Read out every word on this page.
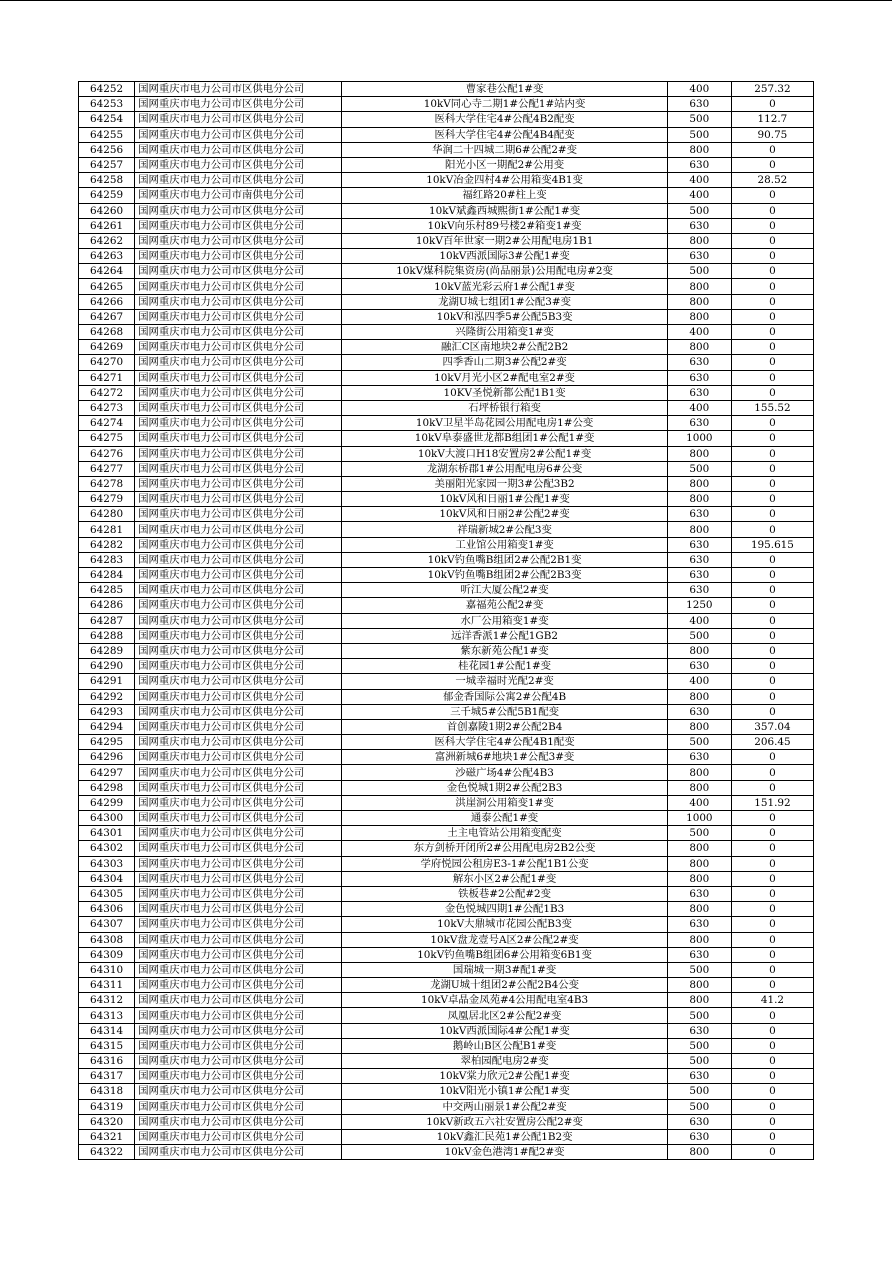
64252	国网重庆市电力公司市区供电分公司	曹家巷公配1#变	400	257.32
64253	国网重庆市电力公司市区供电分公司	10kV同心寺二期1#公配1#站内变	630	0
64254	国网重庆市电力公司市区供电分公司	医科大学住宅4#公配4B2配变	500	112.7
64255	国网重庆市电力公司市区供电分公司	医科大学住宅4#公配4B4配变	500	90.75
64256	国网重庆市电力公司市区供电分公司	华润二十四城二期6#公配2#变	800	0
64257	国网重庆市电力公司市区供电分公司	阳光小区一期配2#公用变	630	0
64258	国网重庆市电力公司市区供电分公司	10kV冶金四村4#公用箱变4B1变	400	28.52
64259	国网重庆市电力公司市南供电分公司	福红路20#柱上变	400	0
64260	国网重庆市电力公司市区供电分公司	10kV斌鑫西城熙街1#公配1#变	500	0
64261	国网重庆市电力公司市区供电分公司	10kV向乐村89号楼2#箱变1#变	630	0
64262	国网重庆市电力公司市区供电分公司	10kV百年世家一期2#公用配电房1B1	800	0
64263	国网重庆市电力公司市区供电分公司	10kV西派国际3#公配1#变	630	0
64264	国网重庆市电力公司市区供电分公司	10kV煤科院集资房(尚品丽景)公用配电房#2变	500	0
64265	国网重庆市电力公司市区供电分公司	10kV蓝光彩云府1#公配1#变	800	0
64266	国网重庆市电力公司市区供电分公司	龙湖U城七组团1#公配3#变	800	0
64267	国网重庆市电力公司市区供电分公司	10kV和泓四季5#公配5B3变	800	0
64268	国网重庆市电力公司市区供电分公司	兴隆街公用箱变1#变	400	0
64269	国网重庆市电力公司市区供电分公司	融汇C区南地块2#公配2B2	800	0
64270	国网重庆市电力公司市区供电分公司	四季香山二期3#公配2#变	630	0
64271	国网重庆市电力公司市区供电分公司	10kV月光小区2#配电室2#变	630	0
64272	国网重庆市电力公司市区供电分公司	10KV圣悦新都公配1B1变	630	0
64273	国网重庆市电力公司市区供电分公司	石坪桥银行箱变	400	155.52
64274	国网重庆市电力公司市区供电分公司	10kV卫星半岛花园公用配电房1#公变	630	0
64275	国网重庆市电力公司市区供电分公司	10kV阜泰盛世龙都B组团1#公配1#变	1000	0
64276	国网重庆市电力公司市区供电分公司	10kV大渡口H18安置房2#公配1#变	800	0
64277	国网重庆市电力公司市区供电分公司	龙湖东桥郡1#公用配电房6#公变	500	0
64278	国网重庆市电力公司市区供电分公司	美丽阳光家园一期3#公配3B2	800	0
64279	国网重庆市电力公司市区供电分公司	10kV风和日丽1#公配1#变	800	0
64280	国网重庆市电力公司市区供电分公司	10kV风和日丽2#公配2#变	630	0
64281	国网重庆市电力公司市区供电分公司	祥瑞新城2#公配3变	800	0
64282	国网重庆市电力公司市区供电分公司	工业馆公用箱变1#变	630	195.615
64283	国网重庆市电力公司市区供电分公司	10kV钓鱼嘴B组团2#公配2B1变	630	0
64284	国网重庆市电力公司市区供电分公司	10kV钓鱼嘴B组团2#公配2B3变	630	0
64285	国网重庆市电力公司市区供电分公司	听江大厦公配2#变	630	0
64286	国网重庆市电力公司市区供电分公司	嘉福苑公配2#变	1250	0
64287	国网重庆市电力公司市区供电分公司	水厂公用箱变1#变	400	0
64288	国网重庆市电力公司市区供电分公司	远洋香派1#公配1GB2	500	0
64289	国网重庆市电力公司市区供电分公司	紫东新苑公配1#变	800	0
64290	国网重庆市电力公司市区供电分公司	桂花园1#公配1#变	630	0
64291	国网重庆市电力公司市区供电分公司	一城幸福时光配2#变	400	0
64292	国网重庆市电力公司市区供电分公司	郁金香国际公寓2#公配4B	800	0
64293	国网重庆市电力公司市区供电分公司	三千城5#公配5B1配变	630	0
64294	国网重庆市电力公司市区供电分公司	首创嘉陵1期2#公配2B4	800	357.04
64295	国网重庆市电力公司市区供电分公司	医科大学住宅4#公配4B1配变	500	206.45
64296	国网重庆市电力公司市区供电分公司	富洲新城6#地块1#公配3#变	630	0
64297	国网重庆市电力公司市区供电分公司	沙磁广场4#公配4B3	800	0
64298	国网重庆市电力公司市区供电分公司	金色悦城1期2#公配2B3	800	0
64299	国网重庆市电力公司市区供电分公司	洪崖洞公用箱变1#变	400	151.92
64300	国网重庆市电力公司市区供电分公司	通泰公配1#变	1000	0
64301	国网重庆市电力公司市区供电分公司	土主电管站公用箱变配变	500	0
64302	国网重庆市电力公司市区供电分公司	东方剑桥开闭所2#公用配电房2B2公变	800	0
64303	国网重庆市电力公司市区供电分公司	学府悦园公租房E3-1#公配1B1公变	800	0
64304	国网重庆市电力公司市区供电分公司	解东小区2#公配1#变	800	0
64305	国网重庆市电力公司市区供电分公司	铁板巷#2公配#2变	630	0
64306	国网重庆市电力公司市区供电分公司	金色悦城四期1#公配1B3	800	0
64307	国网重庆市电力公司市区供电分公司	10kV大鼎城市花园公配B3变	630	0
64308	国网重庆市电力公司市区供电分公司	10kV盘龙壹号A区2#公配2#变	800	0
64309	国网重庆市电力公司市区供电分公司	10kV钓鱼嘴B组团6#公用箱变6B1变	630	0
64310	国网重庆市电力公司市区供电分公司	国瑞城一期3#配1#变	500	0
64311	国网重庆市电力公司市区供电分公司	龙湖U城十组团2#公配2B4公变	800	0
64312	国网重庆市电力公司市区供电分公司	10kV卓晶金凤苑#4公用配电室4B3	800	41.2
64313	国网重庆市电力公司市区供电分公司	凤凰居北区2#公配2#变	500	0
64314	国网重庆市电力公司市区供电分公司	10kV西派国际4#公配1#变	630	0
64315	国网重庆市电力公司市区供电分公司	鹅岭山B区公配B1#变	500	0
64316	国网重庆市电力公司市区供电分公司	翠柏园配电房2#变	500	0
64317	国网重庆市电力公司市区供电分公司	10kV棠力欣元2#公配1#变	630	0
64318	国网重庆市电力公司市区供电分公司	10kV阳光小镇1#公配1#变	500	0
64319	国网重庆市电力公司市区供电分公司	中交两山丽景1#公配2#变	500	0
64320	国网重庆市电力公司市区供电分公司	10kV新政五六社安置房公配2#变	630	0
64321	国网重庆市电力公司市区供电分公司	10kV鑫汇民苑1#公配1B2变	630	0
64322	国网重庆市电力公司市区供电分公司	10kV金色港湾1#配2#变	800	0
